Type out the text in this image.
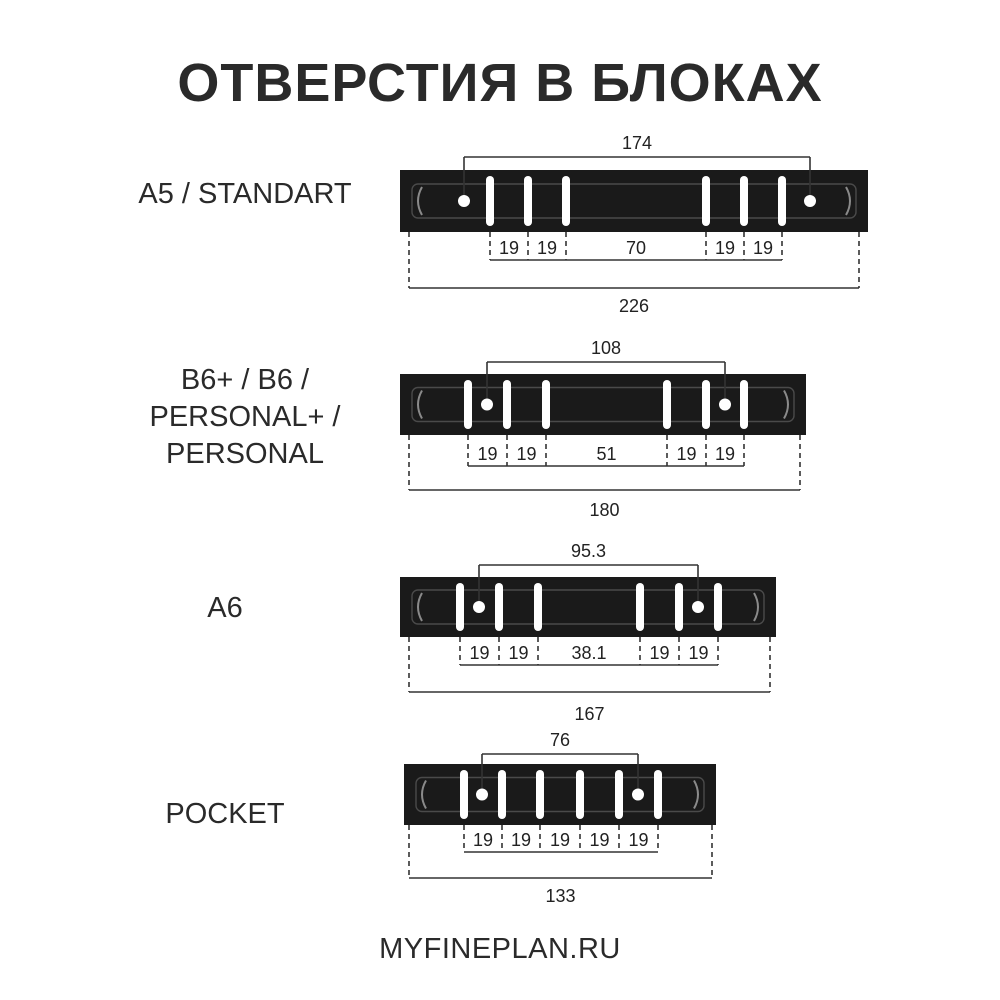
ОТВЕРСТИЯ В БЛОКАХ
A5 / STANDART
B6+ / B6 /
PERSONAL+ /
PERSONAL
A6
POCKET
MYFINEPLAN.RU
174
19 19	70	19 19
226
108
19 19	51	19 19
180
95.3
19 19 38.1 19 19
167
76
19 19 19 19 19
133
